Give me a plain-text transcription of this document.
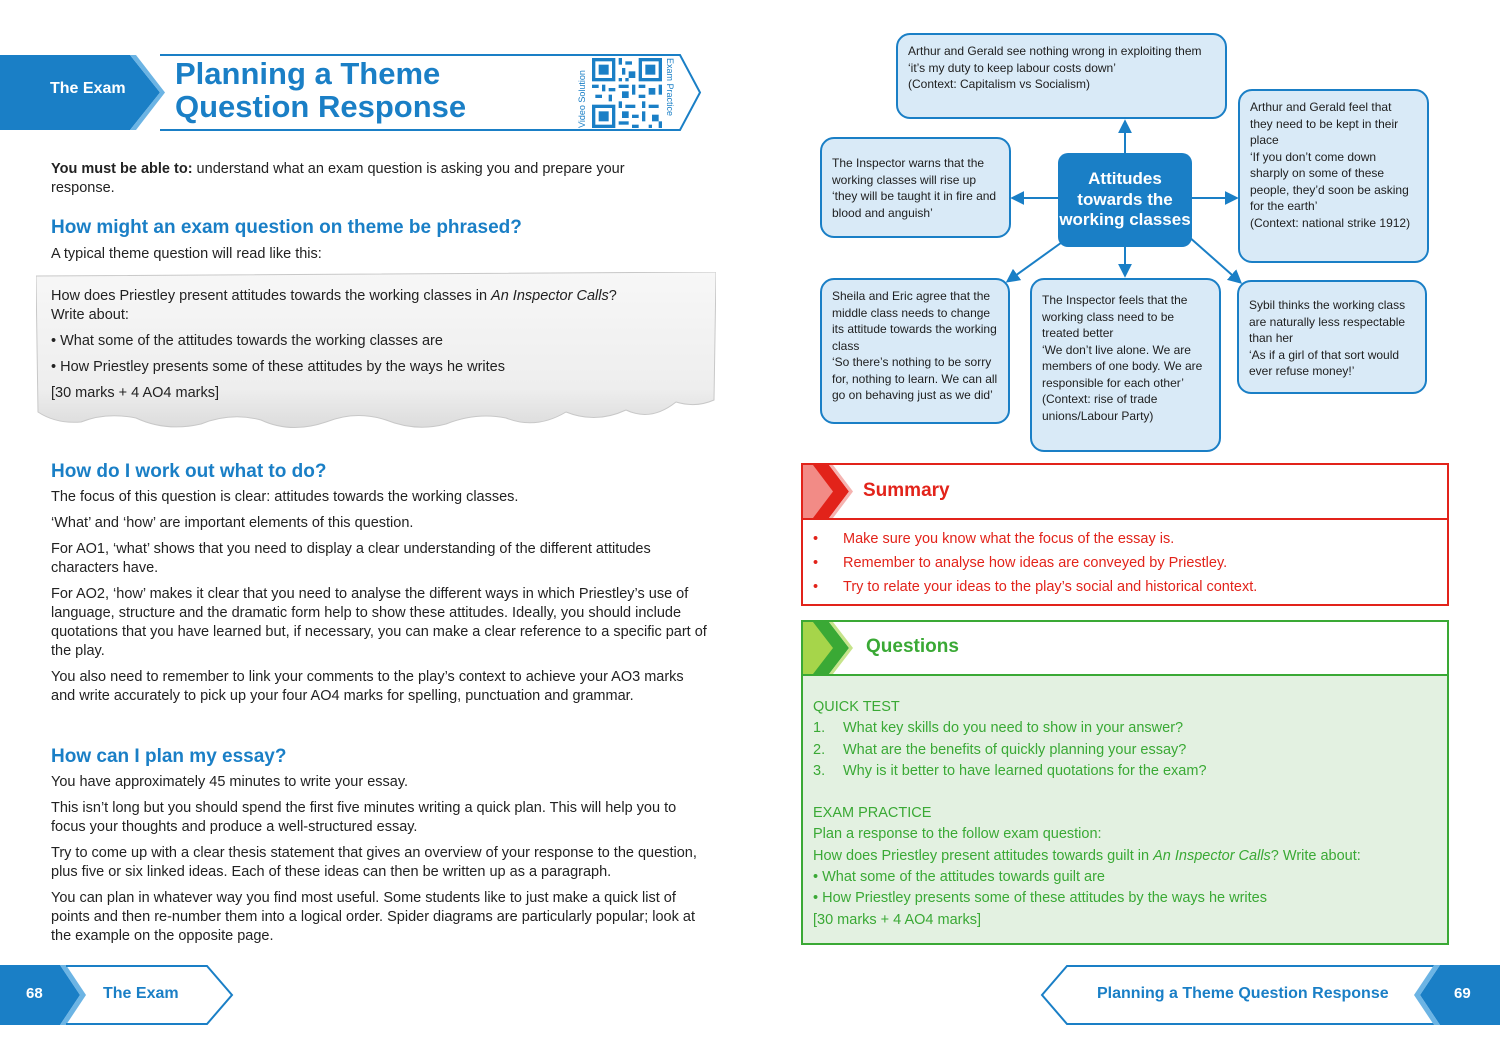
The Exam Planning a Theme
Question Response	Video Solution	Exam Practice
You must be able to: understand what an exam question is asking you and prepare your response.
How might an exam question on theme be phrased?
A typical theme question will read like this:
How does Priestley present attitudes towards the working classes in An Inspector Calls?
Write about:
• What some of the attitudes towards the working classes are
• How Priestley presents some of these attitudes by the ways he writes
[30 marks + 4 AO4 marks]
How do I work out what to do?

The focus of this question is clear: attitudes towards the working classes.

‘What’ and ‘how’ are important elements of this question.

For AO1, ‘what’ shows that you need to display a clear understanding of the different attitudes characters have.

For AO2, ‘how’ makes it clear that you need to analyse the different ways in which Priestley’s use of language, structure and the dramatic form help to show these attitudes. Ideally, you should include quotations that you have learned but, if necessary, you can make a clear reference to a specific part of the play.

You also need to remember to link your comments to the play’s context to achieve your AO3 marks and write accurately to pick up your four AO4 marks for spelling, punctuation and grammar.

How can I plan my essay?

You have approximately 45 minutes to write your essay.

This isn’t long but you should spend the first five minutes writing a quick plan. This will help you to focus your thoughts and produce a well-structured essay.

Try to come up with a clear thesis statement that gives an overview of your response to the question, plus five or six linked ideas. Each of these ideas can then be written up as a paragraph.

You can plan in whatever way you find most useful. Some students like to just make a quick list of points and then re-number them into a logical order. Spider diagrams are particularly popular; look at the example on the opposite page.

Attitudes towards the working classes
Arthur and Gerald see nothing wrong in exploiting them
‘it’s my duty to keep labour costs down’
(Context: Capitalism vs Socialism)
The Inspector warns that the working classes will rise up ‘they will be taught it in fire and blood and anguish’
Arthur and Gerald feel that they need to be kept in their place
‘If you don’t come down sharply on some of these people, they’d soon be asking for the earth’
(Context: national strike 1912)
Sheila and Eric agree that the middle class needs to change its attitude towards the working class
‘So there’s nothing to be sorry for, nothing to learn. We can all go on behaving just as we did’
The Inspector feels that the working class need to be treated better
‘We don’t live alone. We are members of one body. We are responsible for each other’
(Context: rise of trade unions/Labour Party)
Sybil thinks the working class are naturally less respectable than her
‘As if a girl of that sort would ever refuse money!’
Summary
•	Make sure you know what the focus of the essay is.
•	Remember to analyse how ideas are conveyed by Priestley.
•	Try to relate your ideas to the play’s social and historical context.
Questions
QUICK TEST
1.	What key skills do you need to show in your answer?
2.	What are the benefits of quickly planning your essay?
3.	Why is it better to have learned quotations for the exam?
EXAM PRACTICE
Plan a response to the follow exam question:
How does Priestley present attitudes towards guilt in An Inspector Calls? Write about:
• What some of the attitudes towards guilt are
• How Priestley presents some of these attitudes by the ways he writes
[30 marks + 4 AO4 marks]
68	The Exam	Planning a Theme Question Response	69
